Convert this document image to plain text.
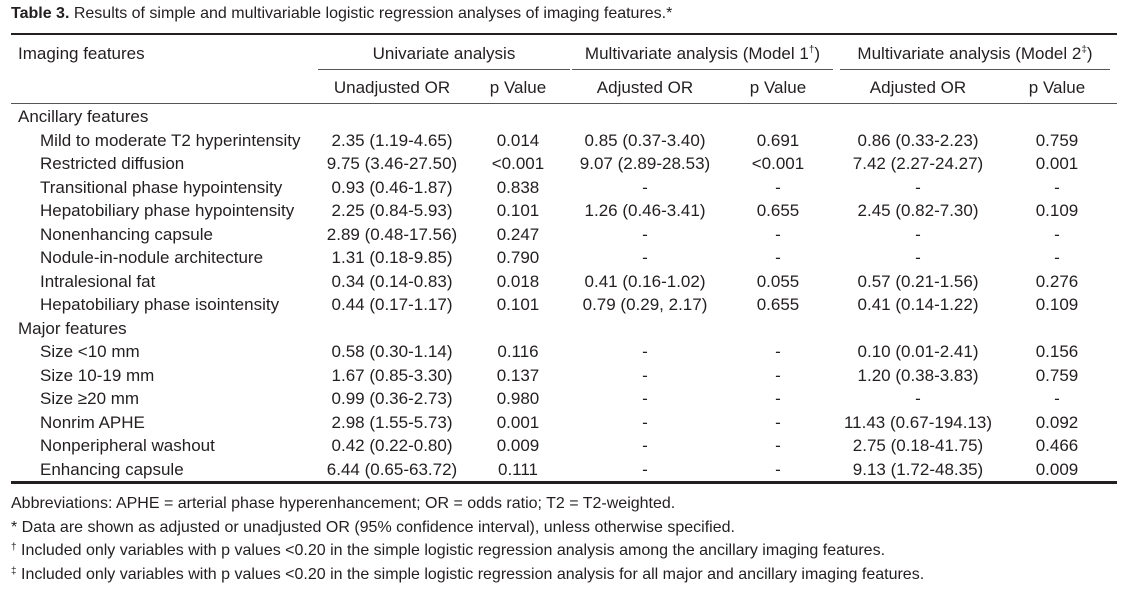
Table 3. Results of simple and multivariable logistic regression analyses of imaging features.*
Imaging features	Univariate analysis	Multivariate analysis (Model 1†)	Multivariate analysis (Model 2‡)
Unadjusted OR	p Value	Adjusted OR	p Value	Adjusted OR	p Value
Ancillary features
Mild to moderate T2 hyperintensity	2.35 (1.19-4.65)	0.014	0.85 (0.37-3.40)	0.691	0.86 (0.33-2.23)	0.759
Restricted diffusion	9.75 (3.46-27.50)	<0.001	9.07 (2.89-28.53)	<0.001	7.42 (2.27-24.27)	0.001
Transitional phase hypointensity	0.93 (0.46-1.87)	0.838	-	-	-	-
Hepatobiliary phase hypointensity	2.25 (0.84-5.93)	0.101	1.26 (0.46-3.41)	0.655	2.45 (0.82-7.30)	0.109
Nonenhancing capsule	2.89 (0.48-17.56)	0.247	-	-	-	-
Nodule-in-nodule architecture	1.31 (0.18-9.85)	0.790	-	-	-	-
Intralesional fat	0.34 (0.14-0.83)	0.018	0.41 (0.16-1.02)	0.055	0.57 (0.21-1.56)	0.276
Hepatobiliary phase isointensity	0.44 (0.17-1.17)	0.101	0.79 (0.29, 2.17)	0.655	0.41 (0.14-1.22)	0.109
Major features
Size <10 mm	0.58 (0.30-1.14)	0.116	-	-	0.10 (0.01-2.41)	0.156
Size 10-19 mm	1.67 (0.85-3.30)	0.137	-	-	1.20 (0.38-3.83)	0.759
Size ≥20 mm	0.99 (0.36-2.73)	0.980	-	-	-	-
Nonrim APHE	2.98 (1.55-5.73)	0.001	-	-	11.43 (0.67-194.13)	0.092
Nonperipheral washout	0.42 (0.22-0.80)	0.009	-	-	2.75 (0.18-41.75)	0.466
Enhancing capsule	6.44 (0.65-63.72)	0.111	-	-	9.13 (1.72-48.35)	0.009
Abbreviations: APHE = arterial phase hyperenhancement; OR = odds ratio; T2 = T2-weighted.
* Data are shown as adjusted or unadjusted OR (95% confidence interval), unless otherwise specified.
† Included only variables with p values <0.20 in the simple logistic regression analysis among the ancillary imaging features.
‡ Included only variables with p values <0.20 in the simple logistic regression analysis for all major and ancillary imaging features.
